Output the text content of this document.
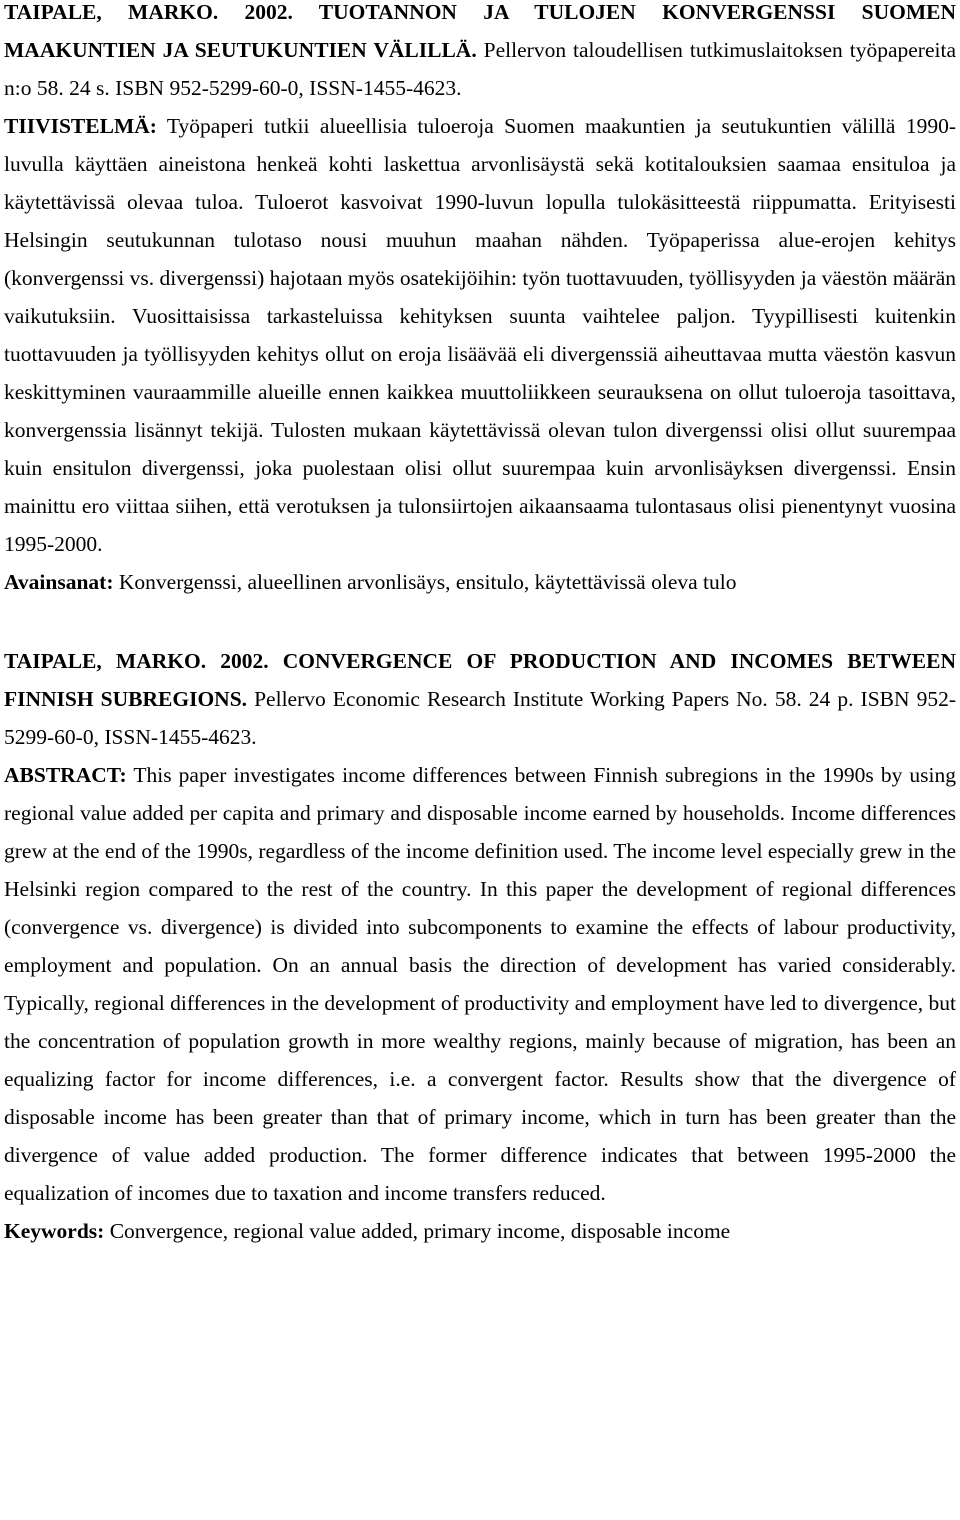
TAIPALE, MARKO. 2002. TUOTANNON JA TULOJEN KONVERGENSSI SUOMEN MAAKUNTIEN JA SEUTUKUNTIEN VÄLILLÄ. Pellervon taloudellisen tutkimuslaitoksen työpapereita n:o 58. 24 s. ISBN 952-5299-60-0, ISSN-1455-4623.
TIIVISTELMÄ: Työpaperi tutkii alueellisia tuloeroja Suomen maakuntien ja seutukuntien välillä 1990-luvulla käyttäen aineistona henkeä kohti laskettua arvonlisäystä sekä kotitalouksien saamaa ensituloa ja käytettävissä olevaa tuloa. Tuloerot kasvoivat 1990-luvun lopulla tulokäsitteestä riippumatta. Erityisesti Helsingin seutukunnan tulotaso nousi muuhun maahan nähden. Työpaperissa alue-erojen kehitys (konvergenssi vs. divergenssi) hajotaan myös osatekijöihin: työn tuottavuuden, työllisyyden ja väestön määrän vaikutuksiin. Vuosittaisissa tarkasteluissa kehityksen suunta vaihtelee paljon. Tyypillisesti kuitenkin tuottavuuden ja työllisyyden kehitys ollut on eroja lisäävää eli divergenssiä aiheuttavaa mutta väestön kasvun keskittyminen vauraammille alueille ennen kaikkea muuttoliikkeen seurauksena on ollut tuloeroja tasoittava, konvergenssia lisännyt tekijä. Tulosten mukaan käytettävissä olevan tulon divergenssi olisi ollut suurempaa kuin ensitulon divergenssi, joka puolestaan olisi ollut suurempaa kuin arvonlisäyksen divergenssi. Ensin mainittu ero viittaa siihen, että verotuksen ja tulonsiirtojen aikaansaama tulontasaus olisi pienentynyt vuosina 1995-2000.
Avainsanat: Konvergenssi, alueellinen arvonlisäys, ensitulo, käytettävissä oleva tulo
TAIPALE, MARKO. 2002. CONVERGENCE OF PRODUCTION AND INCOMES BETWEEN FINNISH SUBREGIONS. Pellervo Economic Research Institute Working Papers No. 58. 24 p. ISBN 952-5299-60-0, ISSN-1455-4623.
ABSTRACT: This paper investigates income differences between Finnish subregions in the 1990s by using regional value added per capita and primary and disposable income earned by households. Income differences grew at the end of the 1990s, regardless of the income definition used. The income level especially grew in the Helsinki region compared to the rest of the country. In this paper the development of regional differences (convergence vs. divergence) is divided into subcomponents to examine the effects of labour productivity, employment and population. On an annual basis the direction of development has varied considerably. Typically, regional differences in the development of productivity and employment have led to divergence, but the concentration of population growth in more wealthy regions, mainly because of migration, has been an equalizing factor for income differences, i.e. a convergent factor. Results show that the divergence of disposable income has been greater than that of primary income, which in turn has been greater than the divergence of value added production. The former difference indicates that between 1995-2000 the equalization of incomes due to taxation and income transfers reduced.
Keywords: Convergence, regional value added, primary income, disposable income
